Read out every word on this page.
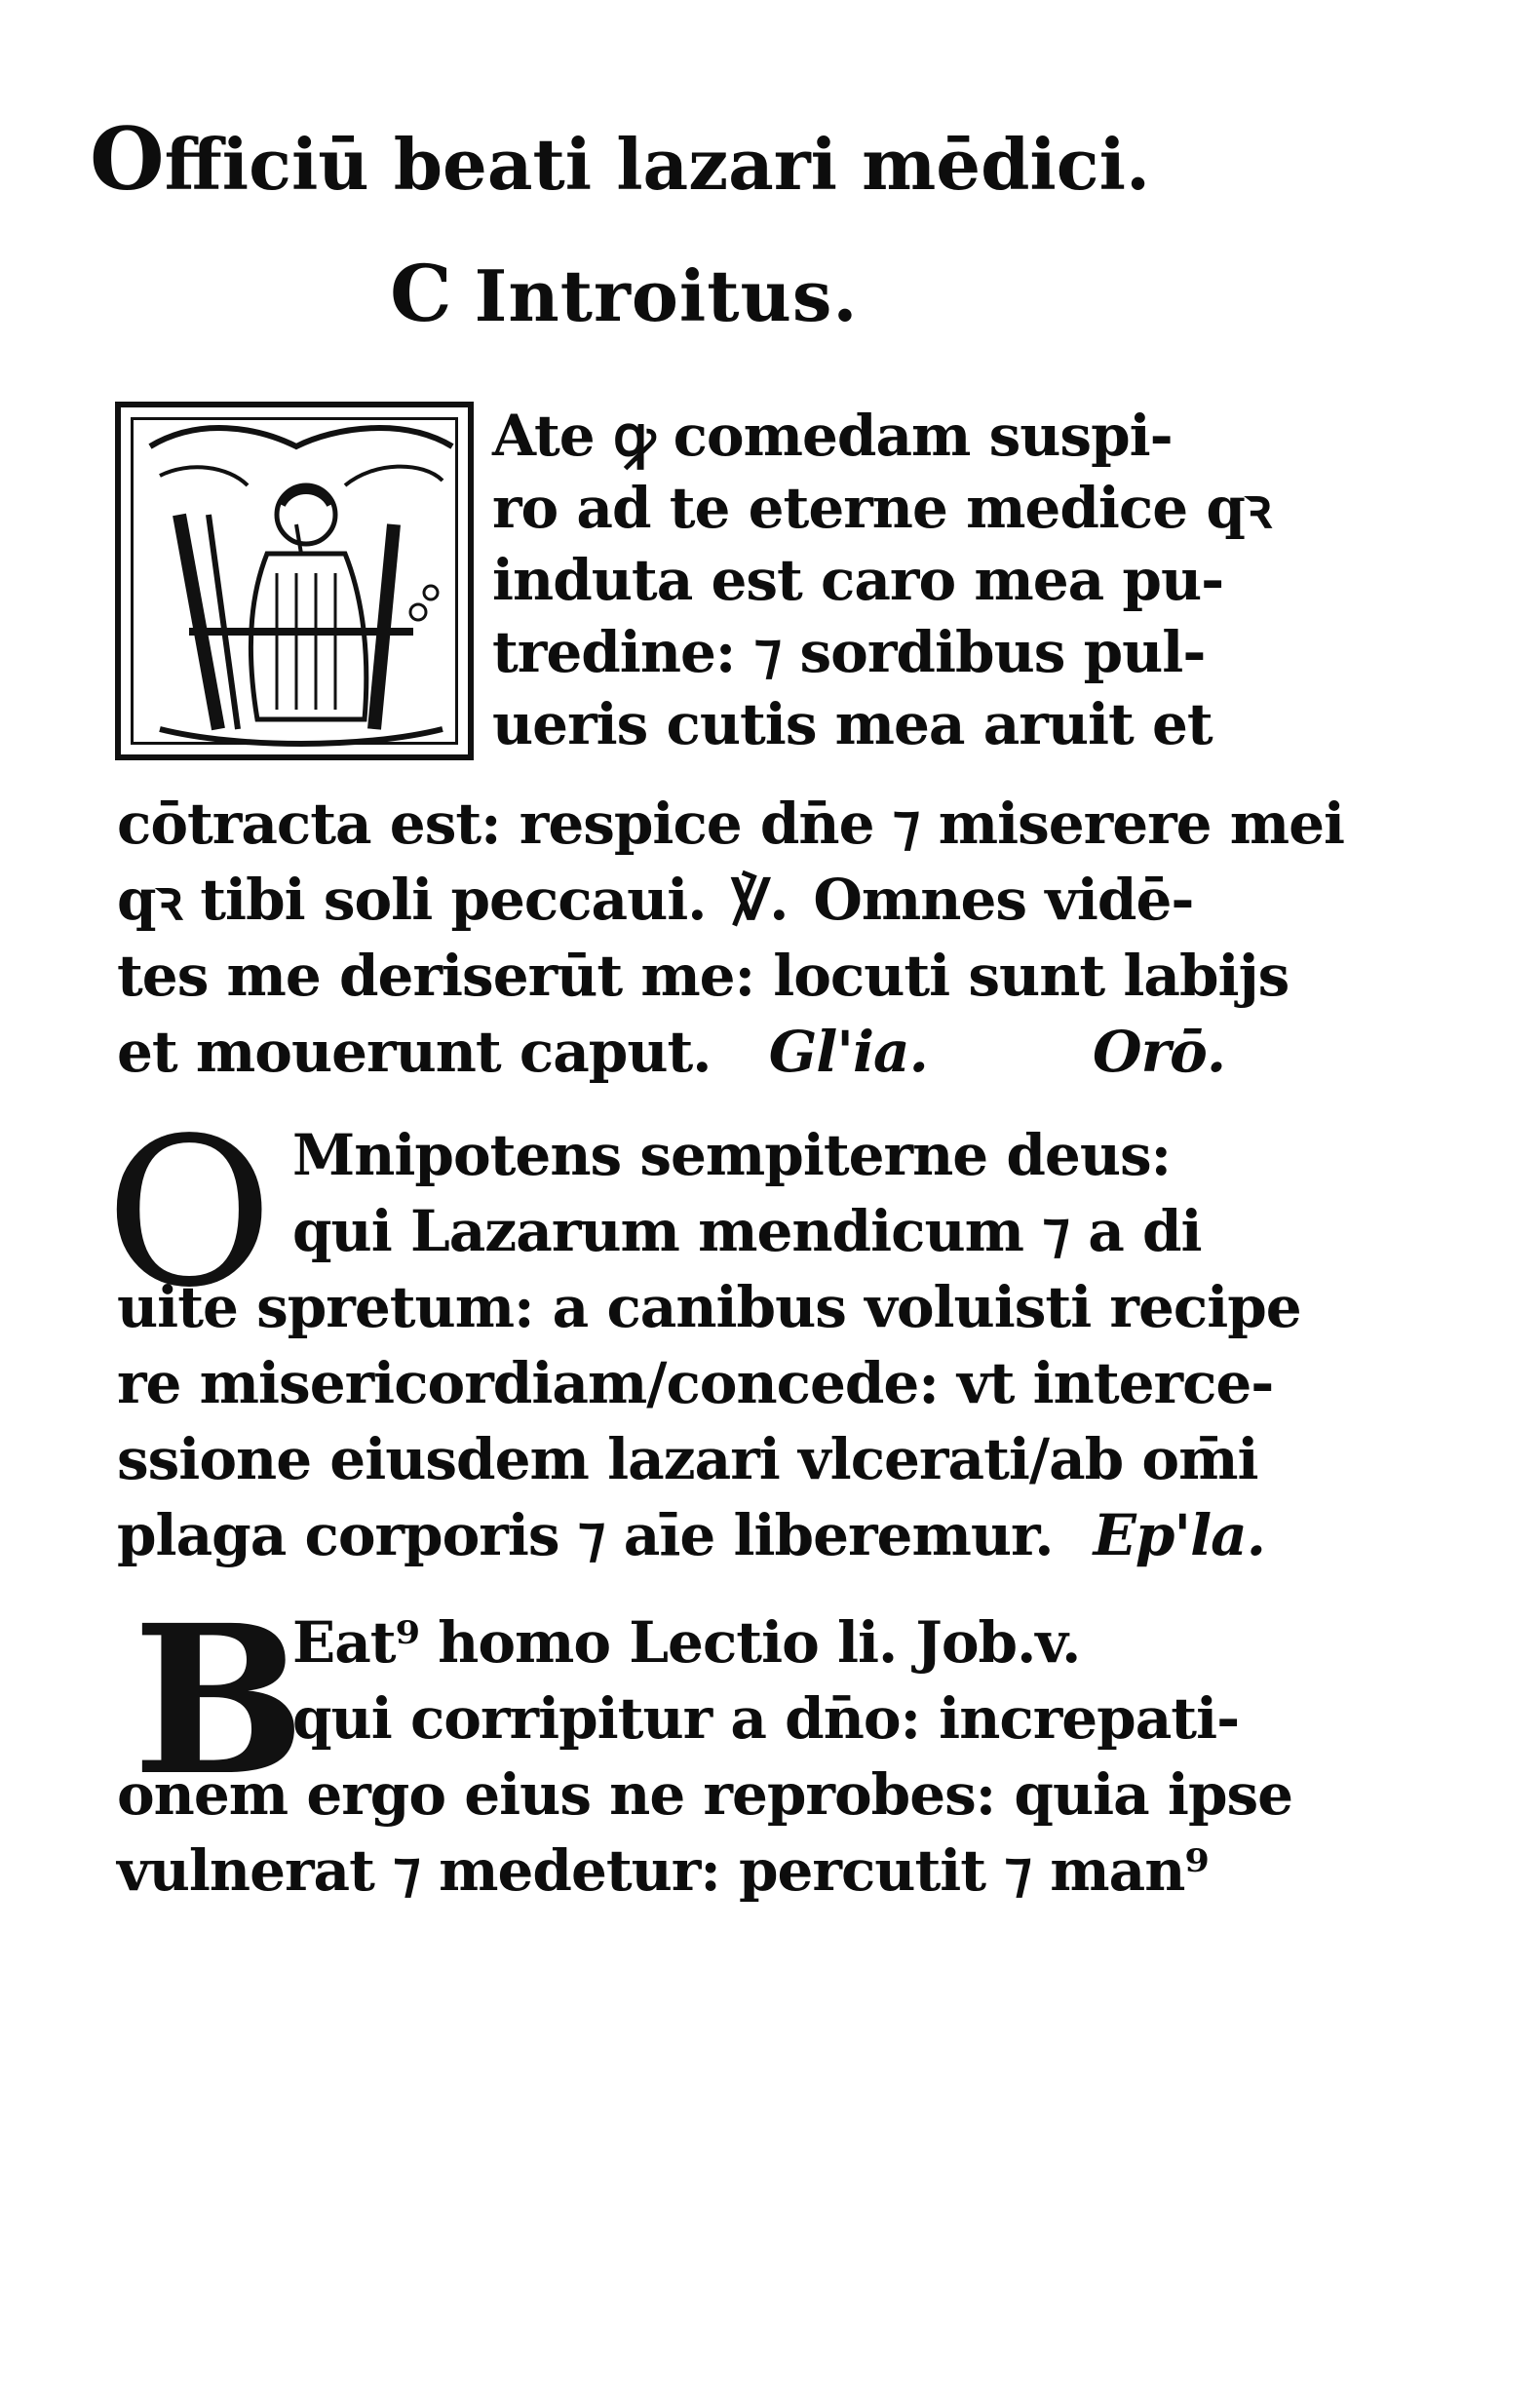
Officiū beati lazari mēdici.
C Introitus.
Ate ꝙ comedam suspi-
ro ad te eterne medice qꝛ
induta est caro mea pu-
tredine: ⁊ sordibus pul-
ueris cutis mea aruit et
cōtracta est: respice dn̄e ⁊ miserere mei
qꝛ tibi soli peccaui. ℣. Omnes vidē-
tes me deriserūt me: locuti sunt labijs
et mouerunt caput. Gl'ia.	Orō.
O Mnipotens sempiterne deus:
qui Lazarum mendicum ⁊ a di
uite spretum: a canibus voluisti recipe
re misericordiam/concede: vt interce-
ssione eiusdem lazari vlcerati/ab om̄i
plaga corporis ⁊ aīe liberemur. Ep'la.
B
Eat⁹ homo Lectio li. Job.v.
qui corripitur a dn̄o: increpati-
onem ergo eius ne reprobes: quia ipse
vulnerat ⁊ medetur: percutit ⁊ man⁹
